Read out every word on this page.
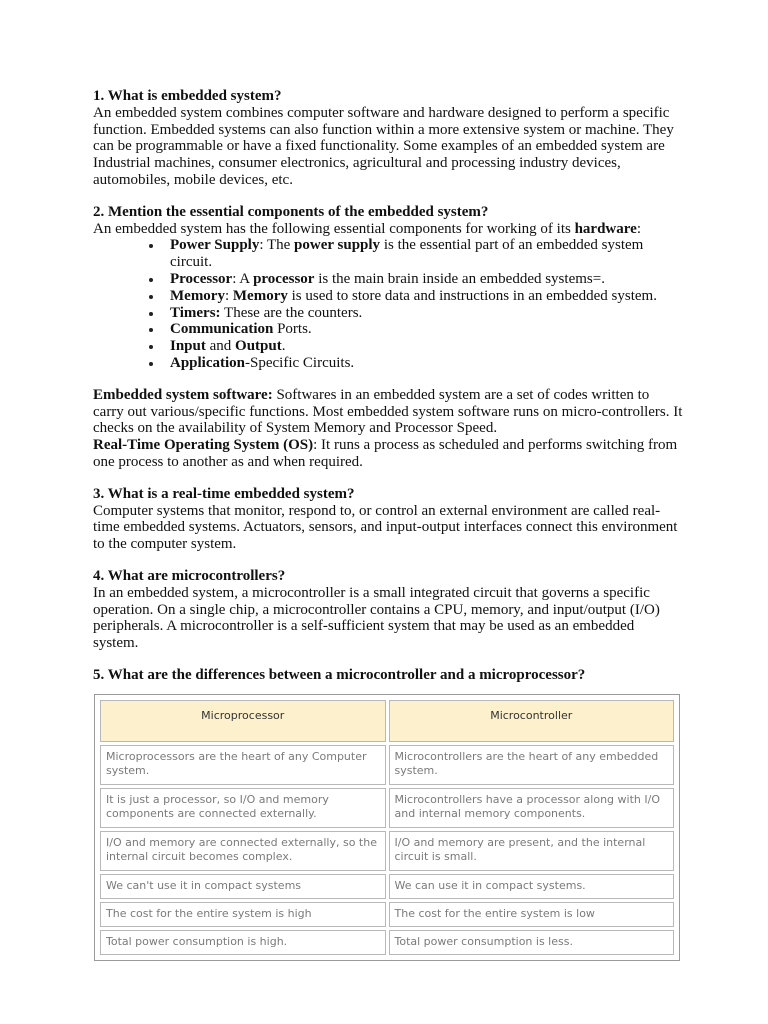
1. What is embedded system?

An embedded system combines computer software and hardware designed to perform a specific function. Embedded systems can also function within a more extensive system or machine. They can be programmable or have a fixed functionality. Some examples of an embedded system are Industrial machines, consumer electronics, agricultural and processing industry devices, automobiles, mobile devices, etc.

2. Mention the essential components of the embedded system?

An embedded system has the following essential components for working of its hardware:

Power Supply: The power supply is the essential part of an embedded system circuit.
Processor: A processor is the main brain inside an embedded systems=.
Memory: Memory is used to store data and instructions in an embedded system.
Timers: These are the counters.
Communication Ports.
Input and Output.
Application-Specific Circuits.

Embedded system software: Softwares in an embedded system are a set of codes written to carry out various/specific functions. Most embedded system software runs on micro-controllers. It checks on the availability of System Memory and Processor Speed.

Real-Time Operating System (OS): It runs a process as scheduled and performs switching from one process to another as and when required.

3. What is a real-time embedded system?

Computer systems that monitor, respond to, or control an external environment are called real-time embedded systems. Actuators, sensors, and input-output interfaces connect this environment to the computer system.

4. What are microcontrollers?

In an embedded system, a microcontroller is a small integrated circuit that governs a specific operation. On a single chip, a microcontroller contains a CPU, memory, and input/output (I/O) peripherals. A microcontroller is a self-sufficient system that may be used as an embedded system.

5. What are the differences between a microcontroller and a microprocessor?

Microprocessor	Microcontroller
Microprocessors are the heart of any Computer system.	Microcontrollers are the heart of any embedded system.
It is just a processor, so I/O and memory components are connected externally.	Microcontrollers have a processor along with I/O and internal memory components.
I/O and memory are connected externally, so the internal circuit becomes complex.	I/O and memory are present, and the internal circuit is small.
We can't use it in compact systems	We can use it in compact systems.
The cost for the entire system is high	The cost for the entire system is low
Total power consumption is high.	Total power consumption is less.
